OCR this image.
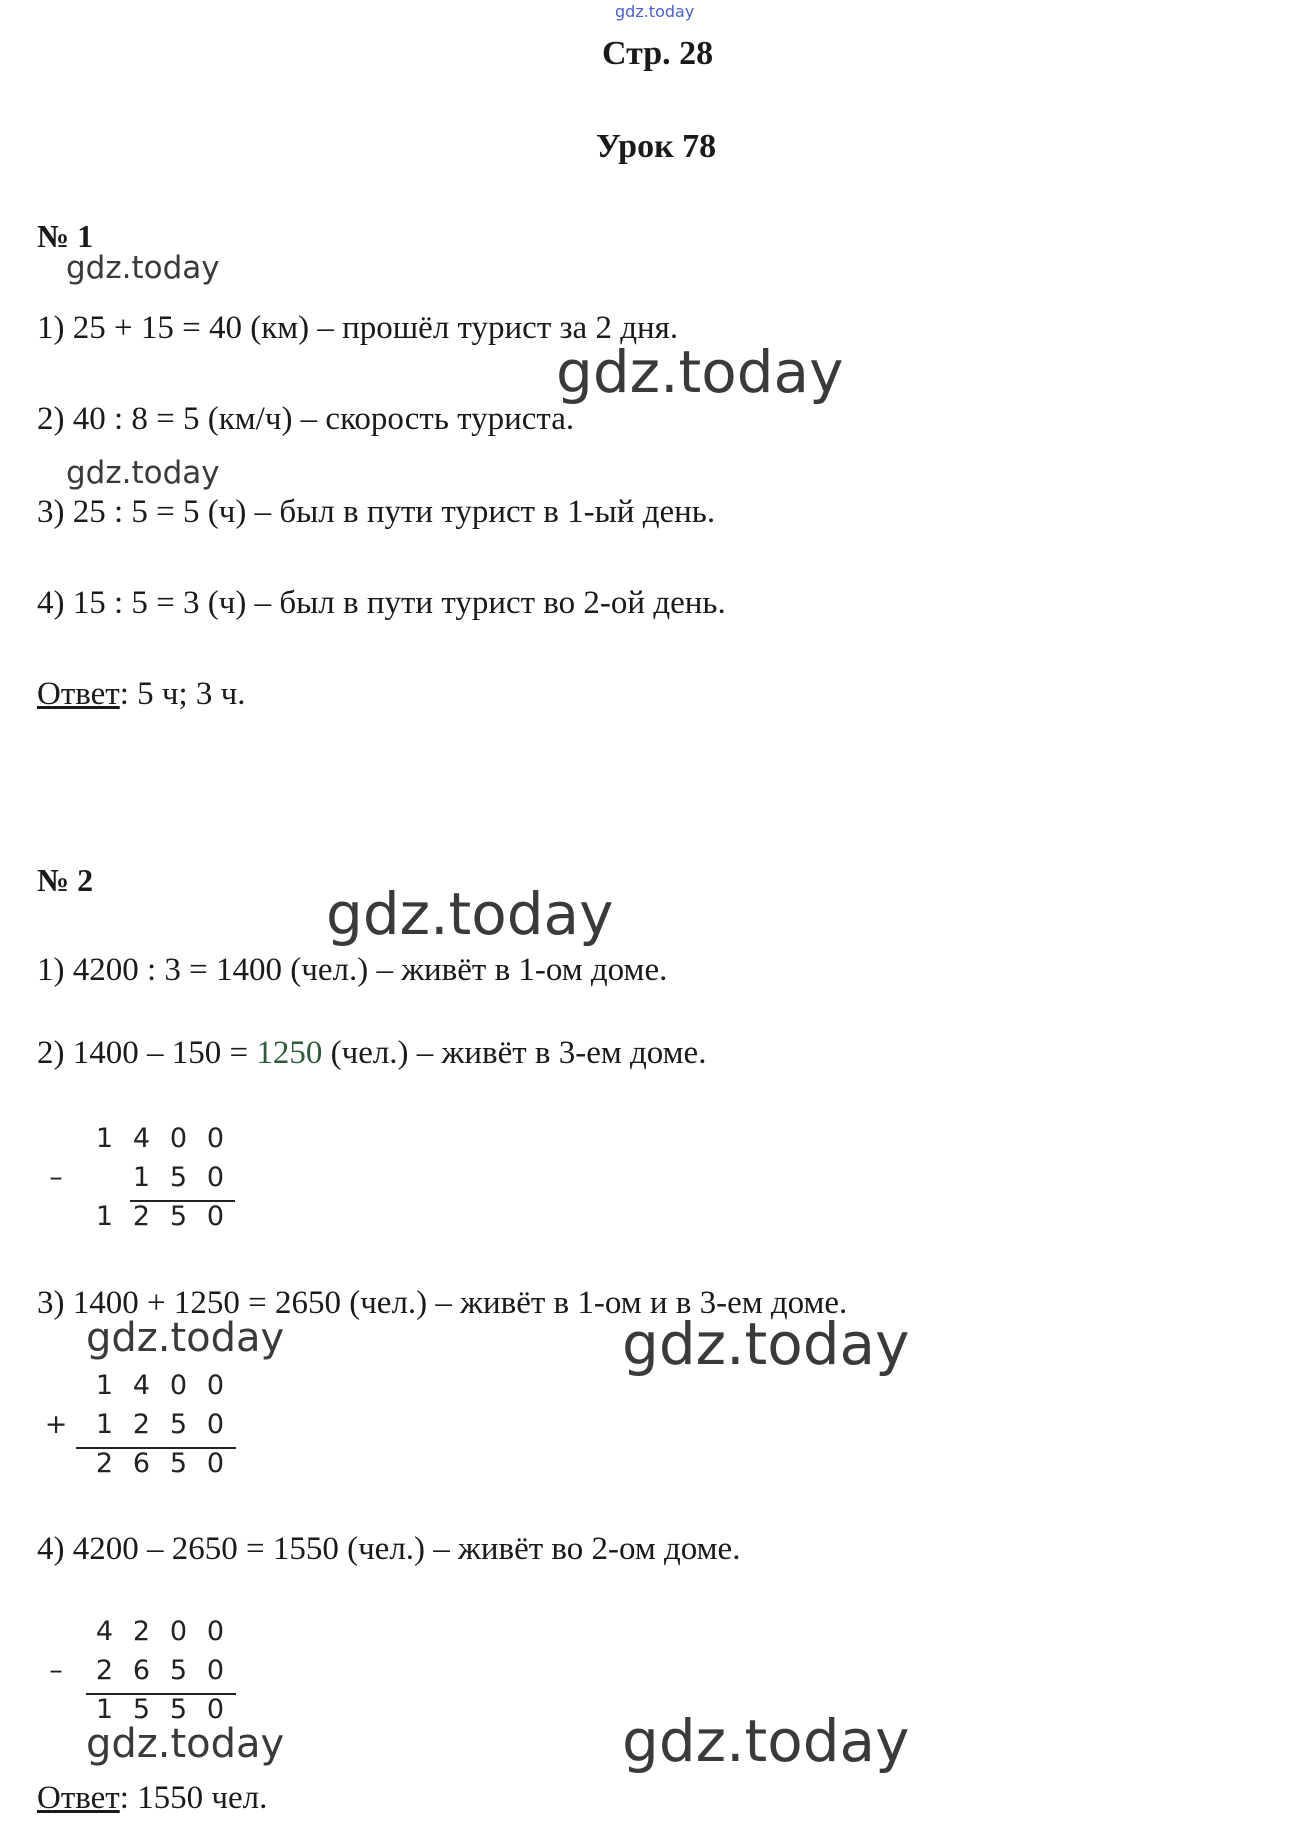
gdz.today
gdz.today
gdz.today
gdz.today
gdz.today
gdz.today	gdz.today
gdz.today	gdz.today
Стр. 28
Урок 78
№ 1
1) 25 + 15 = 40 (км) – прошёл турист за 2 дня.
2) 40 : 8 = 5 (км/ч) – скорость туриста.
3) 25 : 5 = 5 (ч) – был в пути турист в 1-ый день.
4) 15 : 5 = 3 (ч) – был в пути турист во 2-ой день.
Ответ: 5 ч; 3 ч.
№ 2
1) 4200 : 3 = 1400 (чел.) – живёт в 1-ом доме.
2) 1400 – 150 = 1250 (чел.) – живёт в 3-ем доме.
1 4 0 0
–	1 5 0
1 2 5 0
3) 1400 + 1250 = 2650 (чел.) – живёт в 1-ом и в 3-ем доме.
1 4 0 0
+	1 2 5 0
2 6 5 0
4) 4200 – 2650 = 1550 (чел.) – живёт во 2-ом доме.
4 2 0 0
–	2 6 5 0
1 5 5 0
Ответ: 1550 чел.
